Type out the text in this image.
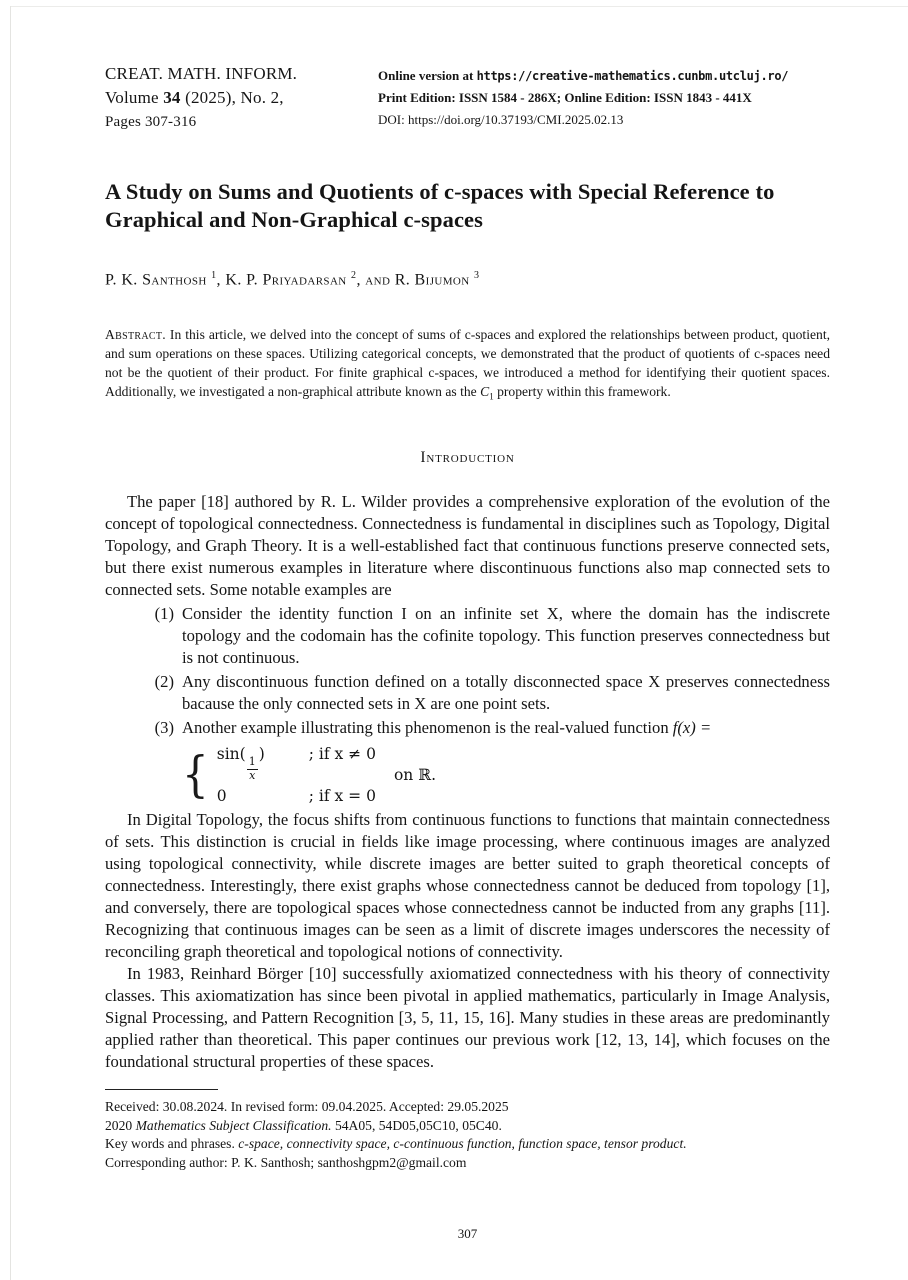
CREAT. MATH. INFORM.
Volume 34 (2025), No. 2,
Pages 307-316
Online version at https://creative-mathematics.cunbm.utcluj.ro/
Print Edition: ISSN 1584 - 286X; Online Edition: ISSN 1843 - 441X
DOI: https://doi.org/10.37193/CMI.2025.02.13
A Study on Sums and Quotients of c-spaces with Special Reference to Graphical and Non-Graphical c-spaces
P. K. Santhosh $^1$, K. P. Priyadarsan $^2$, and R. Bijumon $^3$

Abstract. In this article, we delved into the concept of sums of c-spaces and explored the relationships between product, quotient, and sum operations on these spaces. Utilizing categorical concepts, we demonstrated that the product of quotients of c-spaces need not be the quotient of their product. For finite graphical c-spaces, we introduced a method for identifying their quotient spaces. Additionally, we investigated a non-graphical attribute known as the $C_1$ property within this framework.

Introduction

The paper [18] authored by R. L. Wilder provides a comprehensive exploration of the evolution of the concept of topological connectedness. Connectedness is fundamental in disciplines such as Topology, Digital Topology, and Graph Theory. It is a well-established fact that continuous functions preserve connected sets, but there exist numerous examples in literature where discontinuous functions also map connected sets to connected sets. Some notable examples are

(1) Consider the identity function I on an infinite set X, where the domain has the indiscrete topology and the codomain has the cofinite topology. This function preserves connectedness but is not continuous.
(2) Any discontinuous function defined on a totally disconnected space X preserves connectedness bacause the only connected sets in X are one point sets.
(3) Another example illustrating this phenomenon is the real-valued function f(x) =
{ sin(
$\frac{1}{x}$
)	; if x ≠ 0
0	; if x = 0
on ℝ.

In Digital Topology, the focus shifts from continuous functions to functions that maintain connectedness of sets. This distinction is crucial in fields like image processing, where continuous images are analyzed using topological connectivity, while discrete images are better suited to graph theoretical concepts of connectedness. Interestingly, there exist graphs whose connectedness cannot be deduced from topology [1], and conversely, there are topological spaces whose connectedness cannot be inducted from any graphs [11]. Recognizing that continuous images can be seen as a limit of discrete images underscores the necessity of reconciling graph theoretical and topological notions of connectivity.

In 1983, Reinhard Börger [10] successfully axiomatized connectedness with his theory of connectivity classes. This axiomatization has since been pivotal in applied mathematics, particularly in Image Analysis, Signal Processing, and Pattern Recognition [3, 5, 11, 15, 16]. Many studies in these areas are predominantly applied rather than theoretical. This paper continues our previous work [12, 13, 14], which focuses on the foundational structural properties of these spaces.

Received: 30.08.2024. In revised form: 09.04.2025. Accepted: 29.05.2025
2020 Mathematics Subject Classification. 54A05, 54D05,05C10, 05C40.
Key words and phrases. c-space, connectivity space, c-continuous function, function space, tensor product.
Corresponding author: P. K. Santhosh; santhoshgpm2@gmail.com
307
